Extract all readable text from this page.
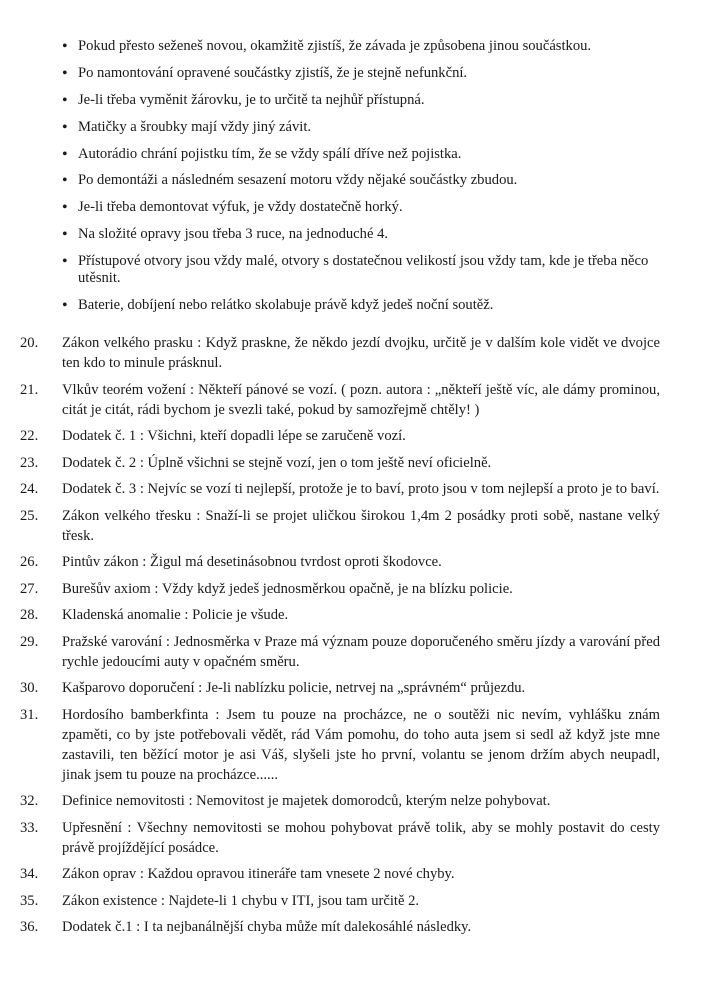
• Pokud přesto seženeš novou, okamžitě zjistíš, že závada je způsobena jinou součástkou.
• Po namontování opravené součástky zjistíš, že je stejně nefunkční.
• Je-li třeba vyměnit žárovku, je to určitě ta nejhůř přístupná.
• Matičky a šroubky mají vždy jiný závit.
• Autorádio chrání pojistku tím, že se vždy spálí dříve než pojistka.
• Po demontáži a následném sesazení motoru vždy nějaké součástky zbudou.
• Je-li třeba demontovat výfuk, je vždy dostatečně horký.
• Na složité opravy jsou třeba 3 ruce, na jednoduché 4.
• Přístupové otvory jsou vždy malé, otvory s dostatečnou velikostí jsou vždy tam, kde je třeba něco utěsnit.
• Baterie, dobíjení nebo relátko skolabuje právě když jedeš noční soutěž.
20.	Zákon velkého prasku : Když praskne, že někdo jezdí dvojku, určitě je v dalším kole vidět ve dvojce ten kdo to minule prásknul.
21.	Vlkův teorém vožení : Někteří pánové se vozí. ( pozn. autora : „někteří ještě víc, ale dámy prominou, citát je citát, rádi bychom je svezli také, pokud by samozřejmě chtěly! )
22.	Dodatek č. 1 : Všichni, kteří dopadli lépe se zaručeně vozí.
23.	Dodatek č. 2 : Úplně všichni se stejně vozí, jen o tom ještě neví oficielně.
24.	Dodatek č. 3 : Nejvíc se vozí ti nejlepší, protože je to baví, proto jsou v tom nejlepší a proto je to baví.
25.	Zákon velkého třesku : Snaží-li se projet uličkou širokou 1,4m 2 posádky proti sobě, nastane velký třesk.
26.	Pintův zákon : Žigul má desetinásobnou tvrdost oproti škodovce.
27.	Burešův axiom : Vždy když jedeš jednosměrkou opačně, je na blízku policie.
28.	Kladenská anomalie : Policie je všude.
29.	Pražské varování : Jednosměrka v Praze má význam pouze doporučeného směru jízdy a varování před rychle jedoucími auty v opačném směru.
30.	Kašparovo doporučení : Je-li nablízku policie, netrvej na „správném“ průjezdu.
31.	Hordosího bamberkfinta : Jsem tu pouze na procházce, ne o soutěži nic nevím, vyhlášku znám zpaměti, co by jste potřebovali vědět, rád Vám pomohu, do toho auta jsem si sedl až když jste mne zastavili, ten běžící motor je asi Váš, slyšeli jste ho první, volantu se jenom držím abych neupadl, jinak jsem tu pouze na procházce......
32.	Definice nemovitosti : Nemovitost je majetek domorodců, kterým nelze pohybovat.
33.	Upřesnění : Všechny nemovitosti se mohou pohybovat právě tolik, aby se mohly postavit do cesty právě projíždějící posádce.
34.	Zákon oprav : Každou opravou itineráře tam vnesete 2 nové chyby.
35.	Zákon existence : Najdete-li 1 chybu v ITI, jsou tam určitě 2.
36.	Dodatek č.1 : I ta nejbanálnější chyba může mít dalekosáhlé následky.
